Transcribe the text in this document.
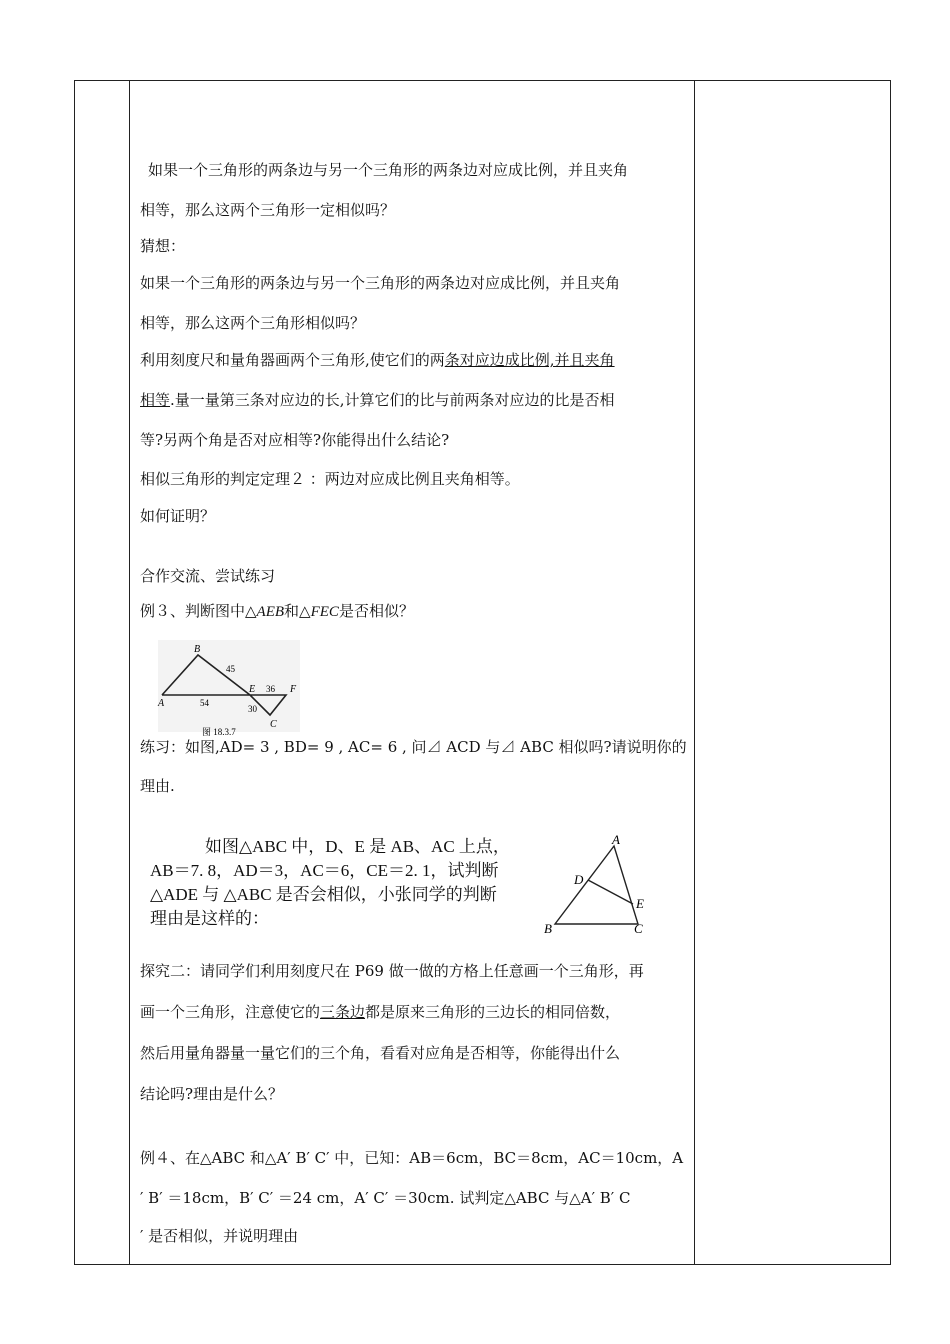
如果一个三角形的两条边与另一个三角形的两条边对应成比例，并且夹角
相等，那么这两个三角形一定相似吗？
猜想：
如果一个三角形的两条边与另一个三角形的两条边对应成比例，并且夹角
相等，那么这两个三角形相似吗？
利用刻度尺和量角器画两个三角形,使它们的两条对应边成比例,并且夹角
相等.量一量第三条对应边的长,计算它们的比与前两条对应边的比是否相
等?另两个角是否对应相等?你能得出什么结论?
相似三角形的判定定理２ ：两边对应成比例且夹角相等。
如何证明？
合作交流、尝试练习
例３、判断图中△AEB和△FEC是否相似？
练习：如图,AD= 3 , BD= 9 , AC= 6 , 问⊿ ACD 与⊿ ABC 相似吗?请说明你的
理由.
探究二：请同学们利用刻度尺在 P69 做一做的方格上任意画一个三角形，再
画一个三角形，注意使它的三条边都是原来三角形的三边长的相同倍数，
然后用量角器量一量它们的三个角，看看对应角是否相等，你能得出什么
结论吗?理由是什么？
例４、在△ABC 和△A′ B′ C′ 中，已知：AB＝6cm，BC＝8cm，AC＝10cm，A
′ B′ ＝18cm，B′ C′ ＝24 cm，A′ C′ ＝30cm. 试判定△ABC 与△A′ B′ C
′ 是否相似，并说明理由
B
A
E	F
C
45
54
36
30
图 18.3.7
如图△ABC 中，D、E 是 AB、AC 上点，
AB＝7. 8，AD＝3，AC＝6，CE＝2. 1，试判断
△ADE 与 △ABC 是否会相似，小张同学的判断
理由是这样的：
A
D
E
B	C
